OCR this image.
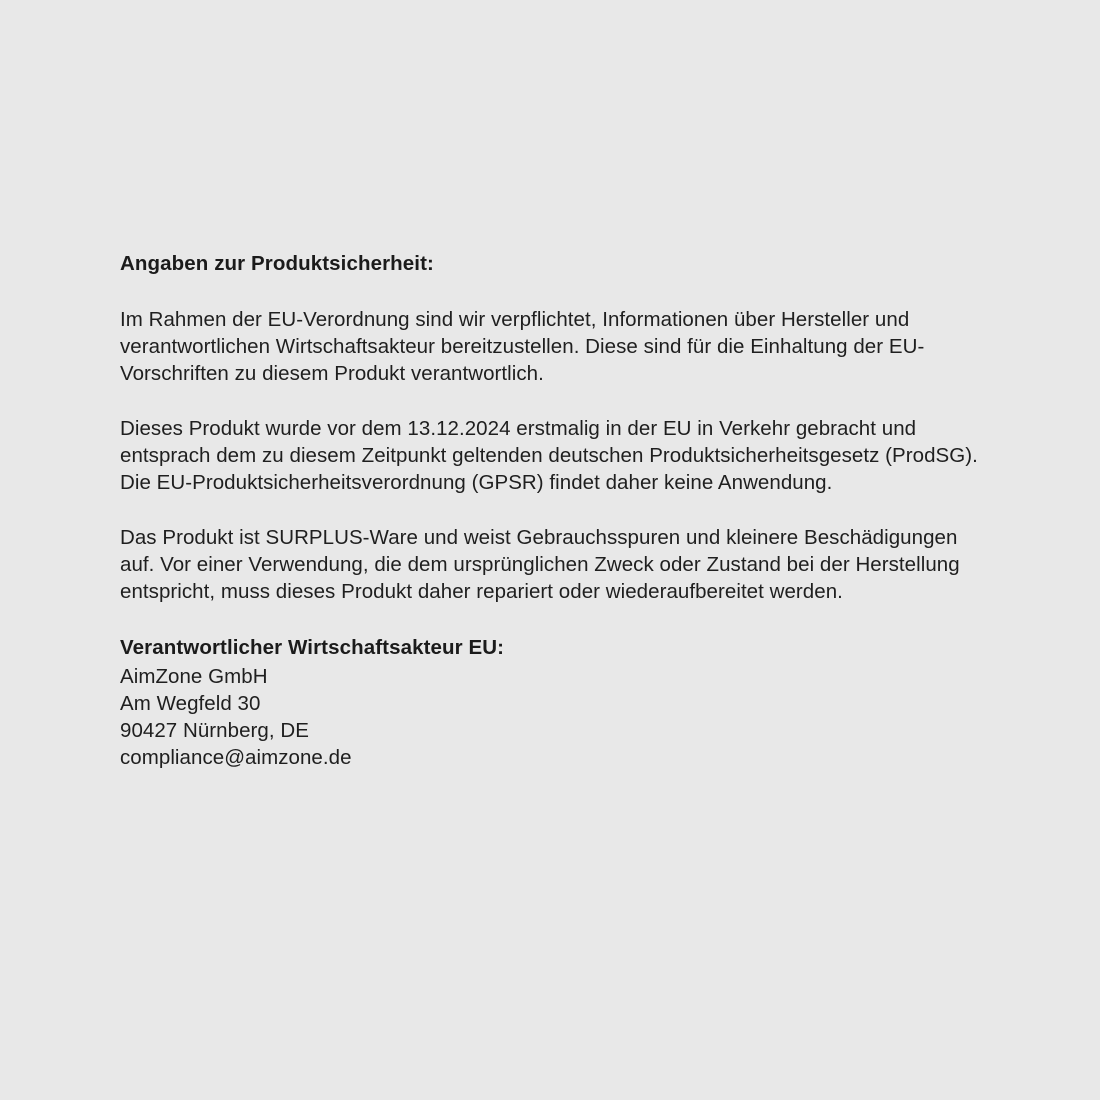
Angaben zur Produktsicherheit:

Im Rahmen der EU-Verordnung sind wir verpflichtet, Informationen über Hersteller und verantwortlichen Wirtschaftsakteur bereitzustellen. Diese sind für die Einhaltung der EU-Vorschriften zu diesem Produkt verantwortlich.

Dieses Produkt wurde vor dem 13.12.2024 erstmalig in der EU in Verkehr gebracht und entsprach dem zu diesem Zeitpunkt geltenden deutschen Produktsicherheitsgesetz (ProdSG). Die EU-Produktsicherheitsverordnung (GPSR) findet daher keine Anwendung.

Das Produkt ist SURPLUS-Ware und weist Gebrauchsspuren und kleinere Beschädigungen auf. Vor einer Verwendung, die dem ursprünglichen Zweck oder Zustand bei der Herstellung entspricht, muss dieses Produkt daher repariert oder wiederaufbereitet werden.

Verantwortlicher Wirtschaftsakteur EU:

AimZone GmbH

Am Wegfeld 30

90427 Nürnberg, DE

compliance@aimzone.de
